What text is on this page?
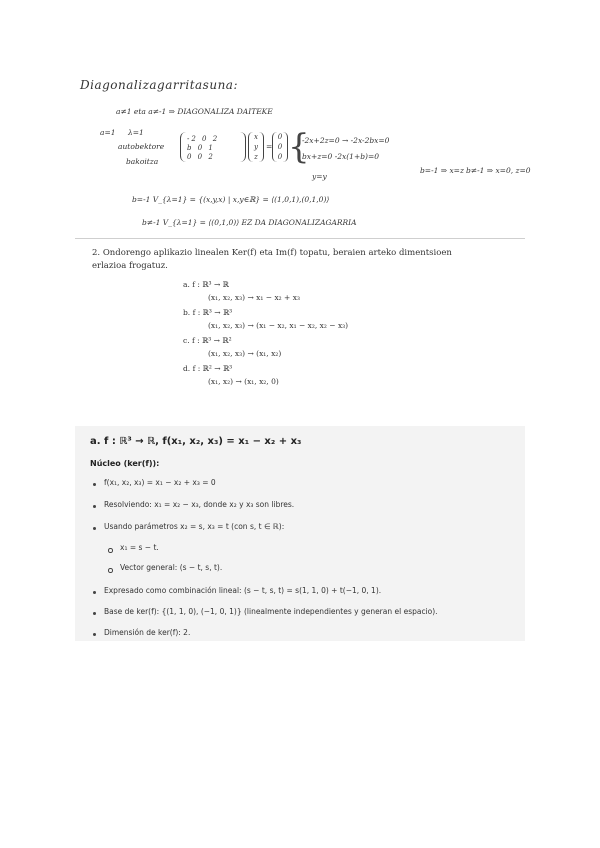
Diagonalizagarritasuna:
a≠1 eta a≠-1 ⇒ DIAGONALIZA DAITEKE
a=1 λ=1
autobektore
bakoitza
-2 0 2
b 0 1
0 0 2
x
y
z
=
0
0
0 {
-2x+2z=0 → -2x-2bx=0
bx+z=0 -2x(1+b)=0
y=y
b=-1 ⇒ x=z b≠-1 ⇒ x=0, z=0
b=-1 V_{λ=1} = {(x,y,x) | x,y∈ℝ} = ⟨(1,0,1),(0,1,0)⟩
b≠-1 V_{λ=1} = ⟨(0,1,0)⟩ EZ DA DIAGONALIZAGARRIA
2. Ondorengo aplikazio linealen Ker(f) eta Im(f) topatu, beraien arteko dimentsioen erlazioa frogatuz.
a. f : ℝ³ → ℝ
(x₁, x₂, x₃) → x₁ − x₂ + x₃
b. f : ℝ³ → ℝ³
(x₁, x₂, x₃) → (x₁ − x₂, x₁ − x₂, x₂ − x₃)
c. f : ℝ³ → ℝ²
(x₁, x₂, x₃) → (x₁, x₂)
d. f : ℝ² → ℝ³
(x₁, x₂) → (x₁, x₂, 0)
a. f : ℝ³ → ℝ, f(x₁, x₂, x₃) = x₁ − x₂ + x₃
Núcleo (ker(f)):
f(x₁, x₂, x₃) = x₁ − x₂ + x₃ = 0
Resolviendo: x₁ = x₂ − x₃, donde x₂ y x₃ son libres.
Usando parámetros x₂ = s, x₃ = t (con s, t ∈ ℝ):
x₁ = s − t.
Vector general: (s − t, s, t).
Expresado como combinación lineal: (s − t, s, t) = s(1, 1, 0) + t(−1, 0, 1).
Base de ker(f): {(1, 1, 0), (−1, 0, 1)} (linealmente independientes y generan el espacio).
Dimensión de ker(f): 2.
